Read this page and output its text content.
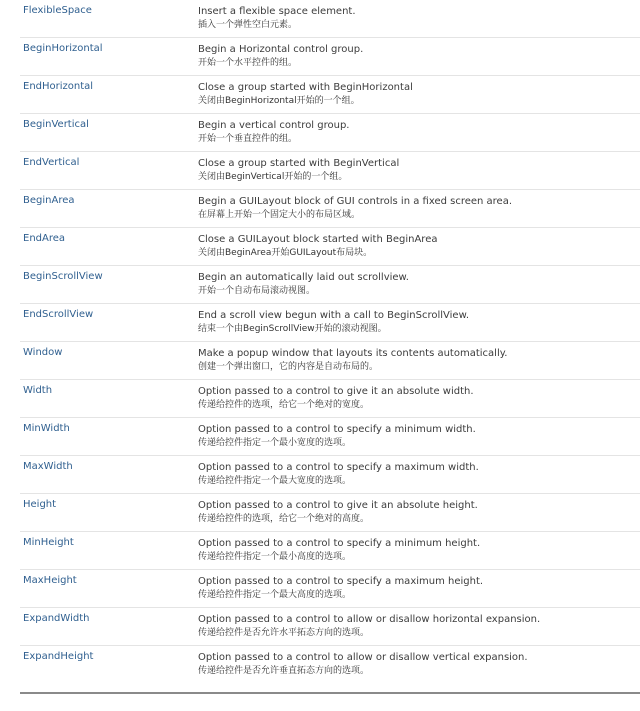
FlexibleSpace	Insert a flexible space element.
插入一个弹性空白元素。
BeginHorizontal	Begin a Horizontal control group.
开始一个水平控件的组。
EndHorizontal	Close a group started with BeginHorizontal
关闭由BeginHorizontal开始的一个组。
BeginVertical	Begin a vertical control group.
开始一个垂直控件的组。
EndVertical	Close a group started with BeginVertical
关闭由BeginVertical开始的一个组。
BeginArea	Begin a GUILayout block of GUI controls in a fixed screen area.
在屏幕上开始一个固定大小的布局区域。
EndArea	Close a GUILayout block started with BeginArea
关闭由BeginArea开始GUILayout布局块。
BeginScrollView	Begin an automatically laid out scrollview.
开始一个自动布局滚动视图。
EndScrollView	End a scroll view begun with a call to BeginScrollView.
结束一个由BeginScrollView开始的滚动视图。
Window	Make a popup window that layouts its contents automatically.
创建一个弹出窗口，它的内容是自动布局的。
Width	Option passed to a control to give it an absolute width.
传递给控件的选项，给它一个绝对的宽度。
MinWidth	Option passed to a control to specify a minimum width.
传递给控件指定一个最小宽度的选项。
MaxWidth	Option passed to a control to specify a maximum width.
传递给控件指定一个最大宽度的选项。
Height	Option passed to a control to give it an absolute height.
传递给控件的选项，给它一个绝对的高度。
MinHeight	Option passed to a control to specify a minimum height.
传递给控件指定一个最小高度的选项。
MaxHeight	Option passed to a control to specify a maximum height.
传递给控件指定一个最大高度的选项。
ExpandWidth	Option passed to a control to allow or disallow horizontal expansion.
传递给控件是否允许水平拓态方向的选项。
ExpandHeight	Option passed to a control to allow or disallow vertical expansion.
传递给控件是否允许垂直拓态方向的选项。
